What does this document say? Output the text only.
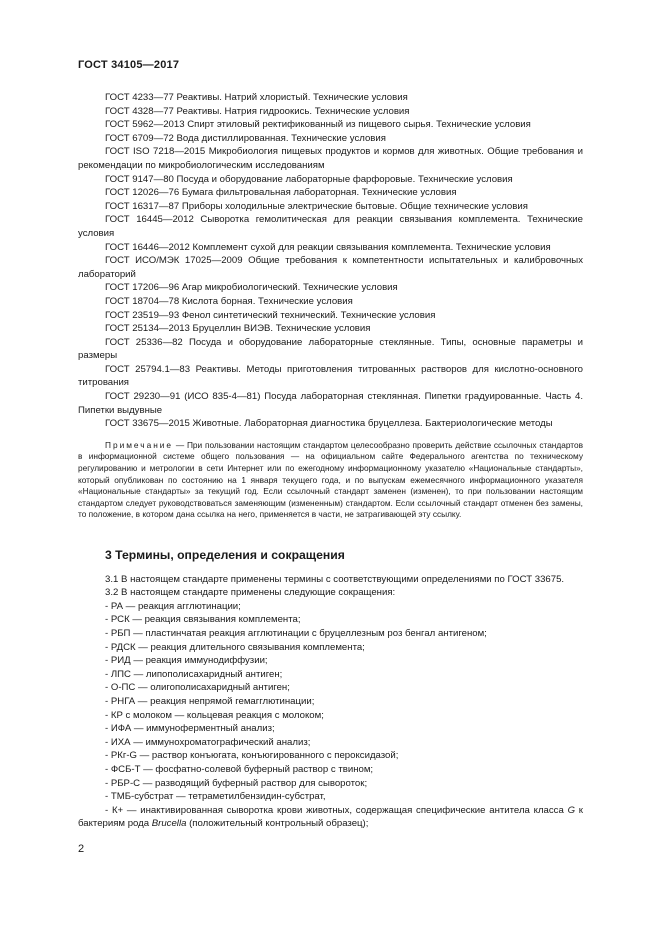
ГОСТ 34105—2017

ГОСТ 4233—77 Реактивы. Натрий хлористый. Технические условия

ГОСТ 4328—77 Реактивы. Натрия гидроокись. Технические условия

ГОСТ 5962—2013 Спирт этиловый ректификованный из пищевого сырья. Технические условия

ГОСТ 6709—72 Вода дистиллированная. Технические условия

ГОСТ ISO 7218—2015 Микробиология пищевых продуктов и кормов для животных. Общие требования и рекомендации по микробиологическим исследованиям

ГОСТ 9147—80 Посуда и оборудование лабораторные фарфоровые. Технические условия

ГОСТ 12026—76 Бумага фильтровальная лабораторная. Технические условия

ГОСТ 16317—87 Приборы холодильные электрические бытовые. Общие технические условия

ГОСТ 16445—2012 Сыворотка гемолитическая для реакции связывания комплемента. Технические условия

ГОСТ 16446—2012 Комплемент сухой для реакции связывания комплемента. Технические условия

ГОСТ ИСО/МЭК 17025—2009 Общие требования к компетентности испытательных и калибровочных лабораторий

ГОСТ 17206—96 Агар микробиологический. Технические условия

ГОСТ 18704—78 Кислота борная. Технические условия

ГОСТ 23519—93 Фенол синтетический технический. Технические условия

ГОСТ 25134—2013 Бруцеллин ВИЭВ. Технические условия

ГОСТ 25336—82 Посуда и оборудование лабораторные стеклянные. Типы, основные параметры и размеры

ГОСТ 25794.1—83 Реактивы. Методы приготовления титрованных растворов для кислотно-основного титрования

ГОСТ 29230—91 (ИСО 835-4—81) Посуда лабораторная стеклянная. Пипетки градуированные. Часть 4. Пипетки выдувные

ГОСТ 33675—2015 Животные. Лабораторная диагностика бруцеллеза. Бактериологические методы

Примечание — При пользовании настоящим стандартом целесообразно проверить действие ссылочных стандартов в информационной системе общего пользования — на официальном сайте Федерального агентства по техническому регулированию и метрологии в сети Интернет или по ежегодному информационному указателю «Национальные стандарты», который опубликован по состоянию на 1 января текущего года, и по выпускам ежемесячного информационного указателя «Национальные стандарты» за текущий год. Если ссылочный стандарт заменен (изменен), то при пользовании настоящим стандартом следует руководствоваться заменяющим (измененным) стандартом. Если ссылочный стандарт отменен без замены, то положение, в котором дана ссылка на него, применяется в части, не затрагивающей эту ссылку.

3 Термины, определения и сокращения

3.1 В настоящем стандарте применены термины с соответствующими определениями по ГОСТ 33675.

3.2 В настоящем стандарте применены следующие сокращения:

- РА — реакция агглютинации;

- РСК — реакция связывания комплемента;

- РБП — пластинчатая реакция агглютинации с бруцеллезным роз бенгал антигеном;

- РДСК — реакция длительного связывания комплемента;

- РИД — реакция иммунодиффузии;

- ЛПС — липополисахаридный антиген;

- О-ПС — олигополисахаридный антиген;

- РНГА — реакция непрямой гемагглютинации;

- КР с молоком — кольцевая реакция с молоком;

- ИФА — иммуноферментный анализ;

- ИХА — иммунохроматографический анализ;

- РКг-G — раствор конъюгата, конъюгированного с пероксидазой;

- ФСБ-Т — фосфатно-солевой буферный раствор с твином;

- РБР-С — разводящий буферный раствор для сывороток;

- ТМБ-субстрат — тетраметилбензидин-субстрат,

- К+ — инактивированная сыворотка крови животных, содержащая специфические антитела класса G к бактериям рода Brucella (положительный контрольный образец);

2
